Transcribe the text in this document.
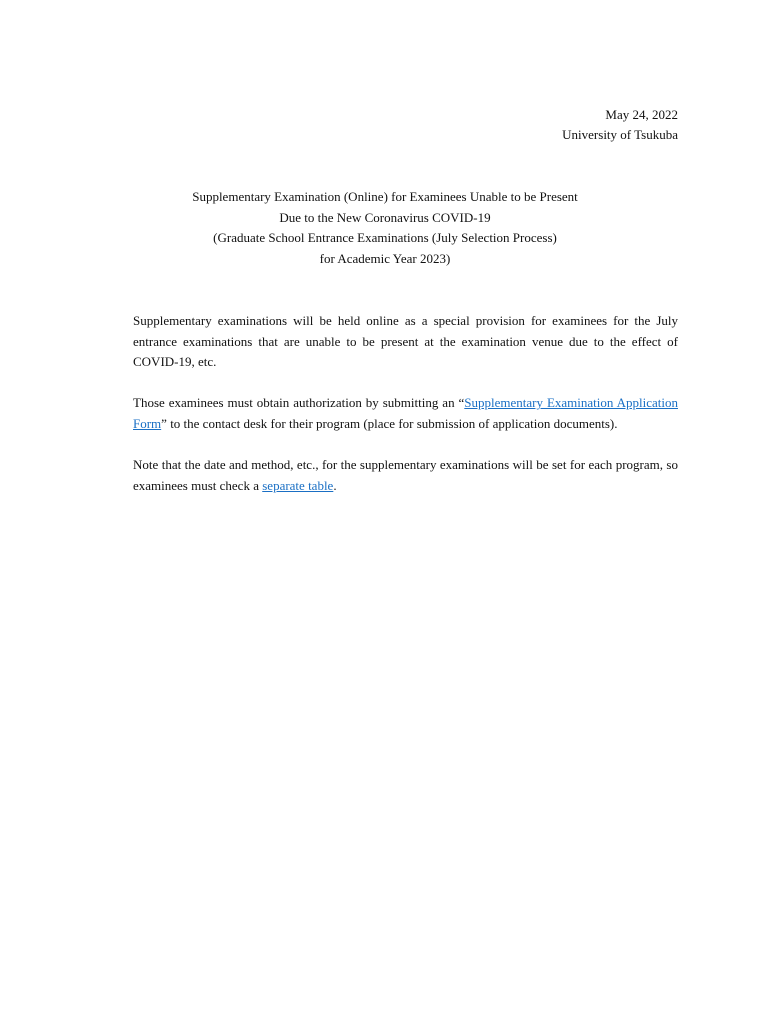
May 24, 2022
University of Tsukuba
Supplementary Examination (Online) for Examinees Unable to be Present
Due to the New Coronavirus COVID-19
(Graduate School Entrance Examinations (July Selection Process)
for Academic Year 2023)

Supplementary examinations will be held online as a special provision for examinees for the July entrance examinations that are unable to be present at the examination venue due to the effect of COVID-19, etc.

Those examinees must obtain authorization by submitting an “Supplementary Examination Application Form” to the contact desk for their program (place for submission of application documents).

Note that the date and method, etc., for the supplementary examinations will be set for each program, so examinees must check a separate table.
